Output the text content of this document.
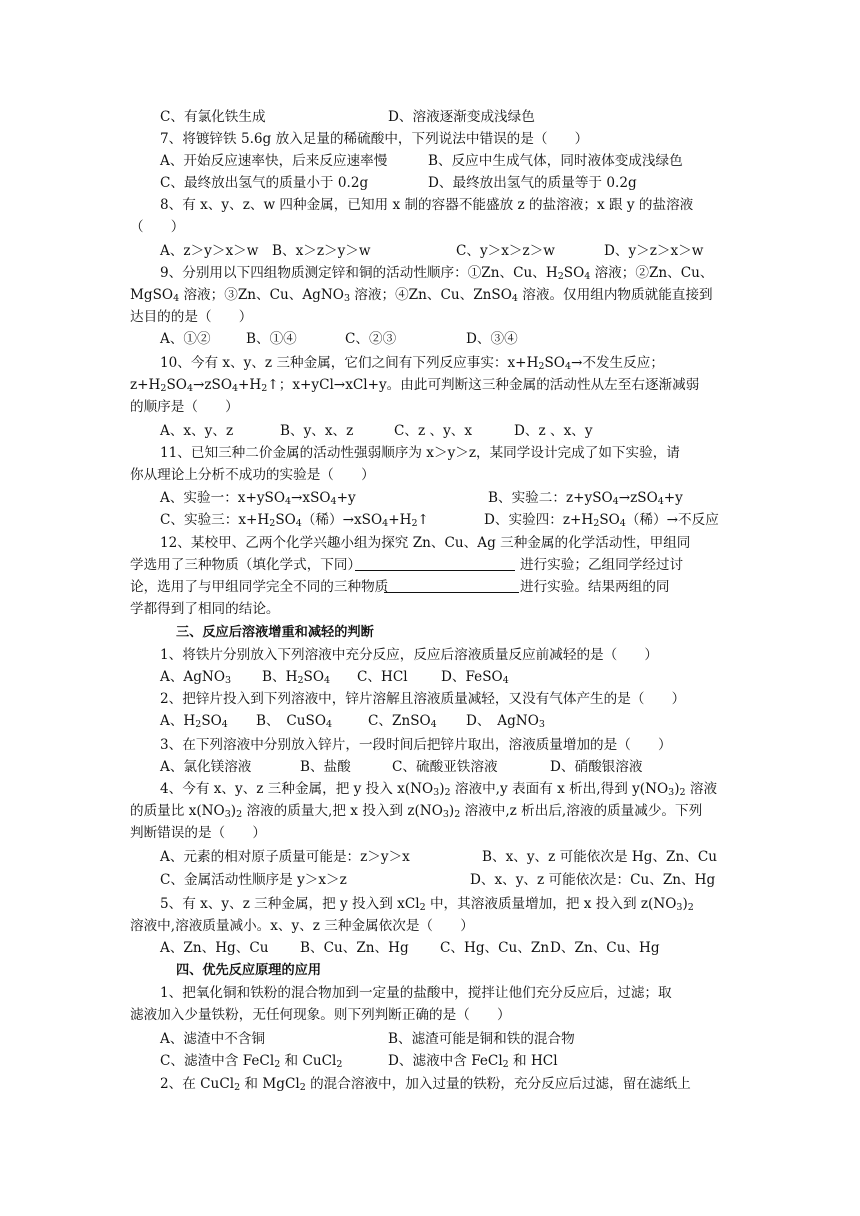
C、有氯化铁生成	D、溶液逐渐变成浅绿色
7、将镀锌铁 5.6g 放入足量的稀硫酸中，下列说法中错误的是（　　）
A、开始反应速率快，后来反应速率慢	B、反应中生成气体，同时液体变成浅绿色
C、最终放出氢气的质量小于 0.2g	D、最终放出氢气的质量等于 0.2g
8、有 x、y、z、w 四种金属，已知用 x 制的容器不能盛放 z 的盐溶液；x 跟 y 的盐溶液
（　　）
A、z＞y＞x＞w B、x＞z＞y＞w	C、y＞x＞z＞w	D、y＞z＞x＞w
9、分别用以下四组物质测定锌和铜的活动性顺序：①Zn、Cu、$H_2SO_4$ 溶液；②Zn、Cu、
MgSO$_4$ 溶液；③Zn、Cu、AgNO$_3$ 溶液；④Zn、Cu、ZnSO$_4$ 溶液。仅用组内物质就能直接到
达目的的是（　　）
A、①②	B、①④	C、②③	D、③④
10、今有 x、y、z 三种金属，它们之间有下列反应事实：$x+H_2SO_4\to$不发生反应；
$z+H_2SO_4\to zSO_4+H_2↑$；x+yCl→xCl+y。由此可判断这三种金属的活动性从左至右逐渐减弱
的顺序是（　　）
A、x、y、z	B、y、x、z	C、z 、y、x	D、z 、x、y
11、已知三种二价金属的活动性强弱顺序为 x＞y＞z，某同学设计完成了如下实验，请
你从理论上分析不成功的实验是（　　）
A、实验一：x+ySO$_4$→xSO$_4$+y	B、实验二：z+ySO$_4$→zSO$_4$+y
C、实验三：$x+H_2SO_4$（稀）$\to xSO_4+H_2↑$	D、实验四：$z+H_2SO_4$（稀）→不反应
12、某校甲、乙两个化学兴趣小组为探究 Zn、Cu、Ag 三种金属的化学活动性，甲组同
学选用了三种物质（填化学式，下同）	进行实验；乙组同学经过讨
论，选用了与甲组同学完全不同的三种物质	进行实验。结果两组的同
学都得到了相同的结论。
三、反应后溶液增重和减轻的判断
1、将铁片分别放入下列溶液中充分反应，反应后溶液质量反应前减轻的是（　　）
A、AgNO$_3$ B、$H_2SO_4$ C、HCl D、FeSO$_4$
2、把锌片投入到下列溶液中，锌片溶解且溶液质量减轻，又没有气体产生的是（　　）
A、$H_2SO_4$ B、　CuSO$_4$	C、ZnSO$_4$ D、　AgNO$_3$
3、在下列溶液中分别放入锌片，一段时间后把锌片取出，溶液质量增加的是（　　）
A、氯化镁溶液	B、盐酸	C、硫酸亚铁溶液	D、硝酸银溶液
4、今有 x、y、z 三种金属，把 y 投入 $x(NO_3)_2$ 溶液中,y 表面有 x 析出,得到 $y(NO_3)_2$ 溶液
的质量比 $x(NO_3)_2$ 溶液的质量大,把 x 投入到 $z(NO_3)_2$ 溶液中,z 析出后,溶液的质量减少。下列
判断错误的是（　　）
A、元素的相对原子质量可能是：z＞y＞x	B、x、y、z 可能依次是 Hg、Zn、Cu
C、金属活动性顺序是 y＞x＞z	D、x、y、z 可能依次是：Cu、Zn、Hg
5、有 x、y、z 三种金属，把 y 投入到 xCl$_2$ 中，其溶液质量增加，把 x 投入到 $z(NO_3)_2$
溶液中,溶液质量减小。x、y、z 三种金属依次是（　　）
A、Zn、Hg、Cu B、Cu、Zn、Hg C、Hg、Cu、Zn D、Zn、Cu、Hg
四、优先反应原理的应用
1、把氧化铜和铁粉的混合物加到一定量的盐酸中，搅拌让他们充分反应后，过滤；取
滤液加入少量铁粉，无任何现象。则下列判断正确的是（　　）
A、滤渣中不含铜	B、滤渣可能是铜和铁的混合物
C、滤渣中含 FeCl$_2$ 和 CuCl$_2$	D、滤液中含 FeCl$_2$ 和 HCl
2、在 CuCl$_2$ 和 MgCl$_2$ 的混合溶液中，加入过量的铁粉，充分反应后过滤，留在滤纸上
